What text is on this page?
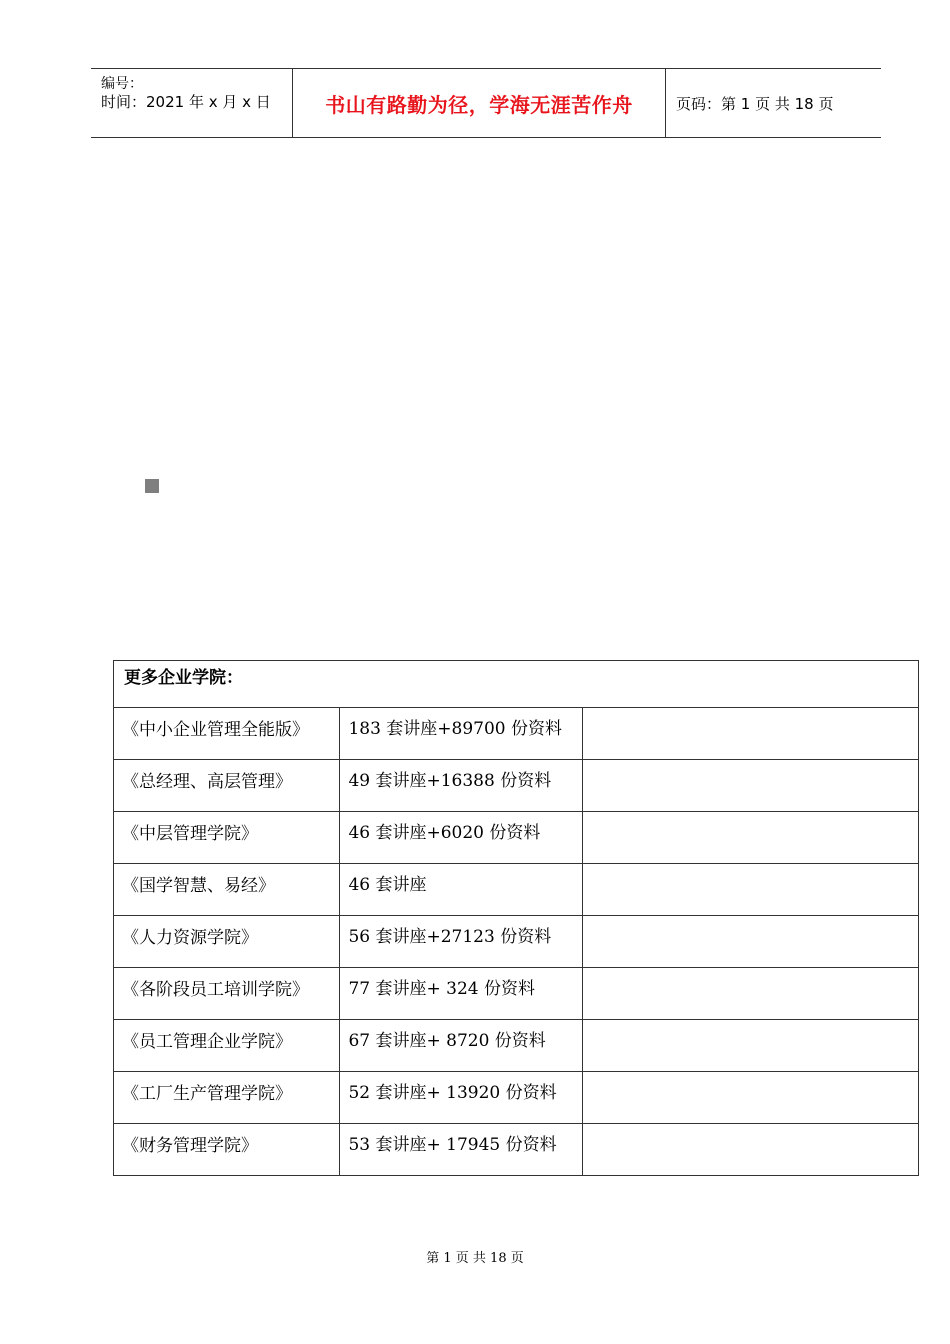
编号：
时间：2021 年 x 月 x 日	书山有路勤为径，学海无涯苦作舟	页码：第 1 页 共 18 页
更多企业学院：		
《中小企业管理全能版》	183 套讲座+89700 份资料	
《总经理、高层管理》	49 套讲座+16388 份资料	
《中层管理学院》	46 套讲座+6020 份资料	
《国学智慧、易经》	46 套讲座	
《人力资源学院》	56 套讲座+27123 份资料	
《各阶段员工培训学院》	77 套讲座+ 324 份资料	
《员工管理企业学院》	67 套讲座+ 8720 份资料	
《工厂生产管理学院》	52 套讲座+ 13920 份资料	
《财务管理学院》	53 套讲座+ 17945 份资料	
第 1 页 共 18 页
